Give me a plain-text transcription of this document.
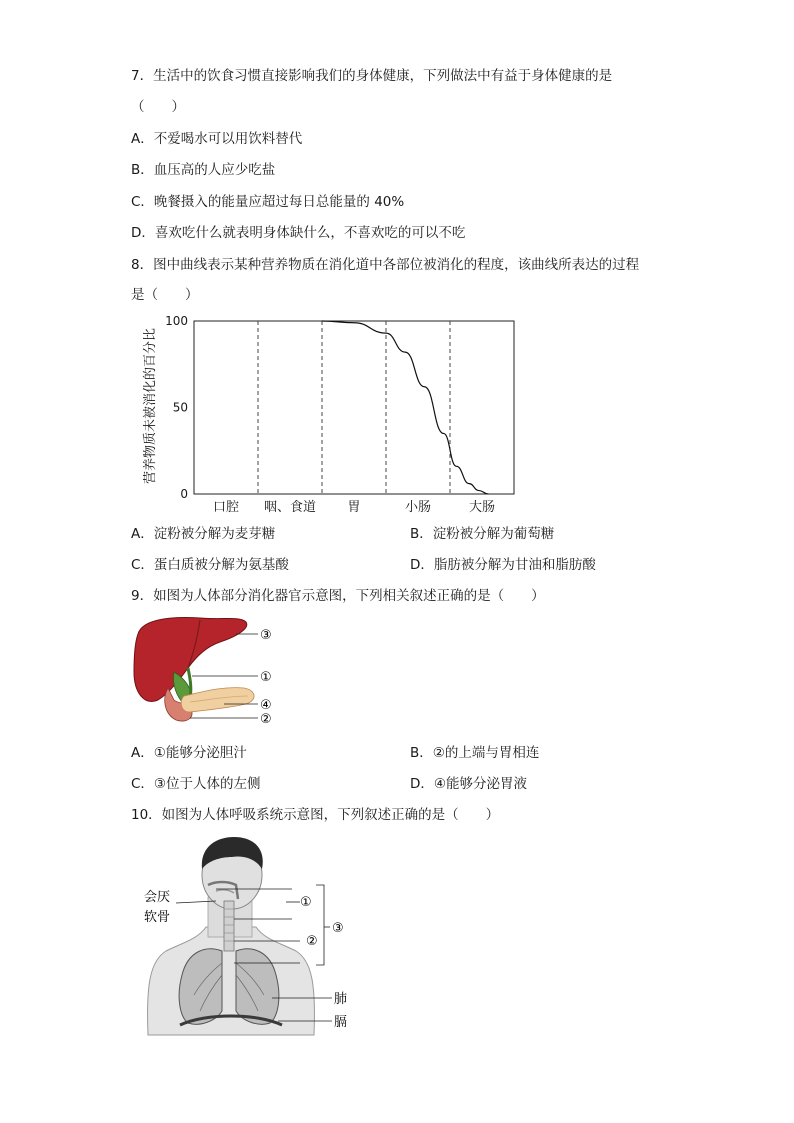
7．生活中的饮食习惯直接影响我们的身体健康，下列做法中有益于身体健康的是
（　　）
A．不爱喝水可以用饮料替代
B．血压高的人应少吃盐
C．晚餐摄入的能量应超过每日总能量的 40%
D．喜欢吃什么就表明身体缺什么，不喜欢吃的可以不吃
8．图中曲线表示某种营养物质在消化道中各部位被消化的程度，该曲线所表达的过程
是（　　）
营养物质未被消化的百分比
0
50
100
口腔 咽、食道 胃	小肠	大肠
A．淀粉被分解为麦芽糖	B．淀粉被分解为葡萄糖
C．蛋白质被分解为氨基酸	D．脂肪被分解为甘油和脂肪酸
9．如图为人体部分消化器官示意图，下列相关叙述正确的是（　　）
③
①
④
②
A．①能够分泌胆汁	B．②的上端与胃相连
C．③位于人体的左侧	D．④能够分泌胃液
10．如图为人体呼吸系统示意图，下列叙述正确的是（　　）
会厌
软骨
①
②
③
肺
膈
